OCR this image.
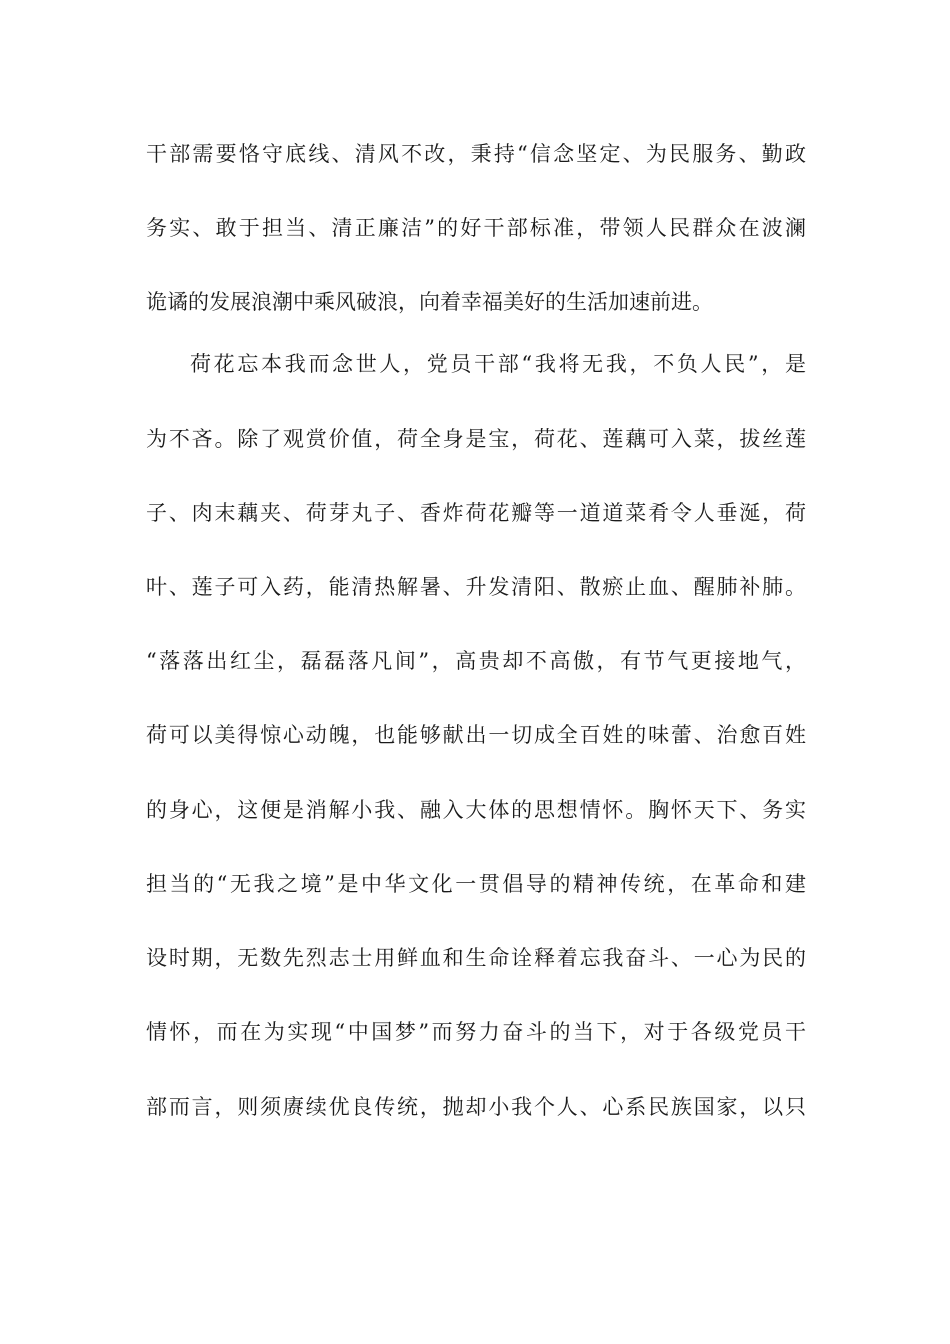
干部需要恪守底线、清风不改，秉持“信念坚定、为民服务、勤政
务实、敢于担当、清正廉洁”的好干部标准，带领人民群众在波澜
诡谲的发展浪潮中乘风破浪，向着幸福美好的生活加速前进。
荷花忘本我而念世人，党员干部“我将无我，不负人民”，是
为不吝。除了观赏价值，荷全身是宝，荷花、莲藕可入菜，拔丝莲
子、肉末藕夹、荷芽丸子、香炸荷花瓣等一道道菜肴令人垂涎，荷
叶、莲子可入药，能清热解暑、升发清阳、散瘀止血、醒肺补肺。
“落落出红尘，磊磊落凡间”，高贵却不高傲，有节气更接地气，
荷可以美得惊心动魄，也能够献出一切成全百姓的味蕾、治愈百姓
的身心，这便是消解小我、融入大体的思想情怀。胸怀天下、务实
担当的“无我之境”是中华文化一贯倡导的精神传统，在革命和建
设时期，无数先烈志士用鲜血和生命诠释着忘我奋斗、一心为民的
情怀，而在为实现“中国梦”而努力奋斗的当下，对于各级党员干
部而言，则须赓续优良传统，抛却小我个人、心系民族国家，以只
